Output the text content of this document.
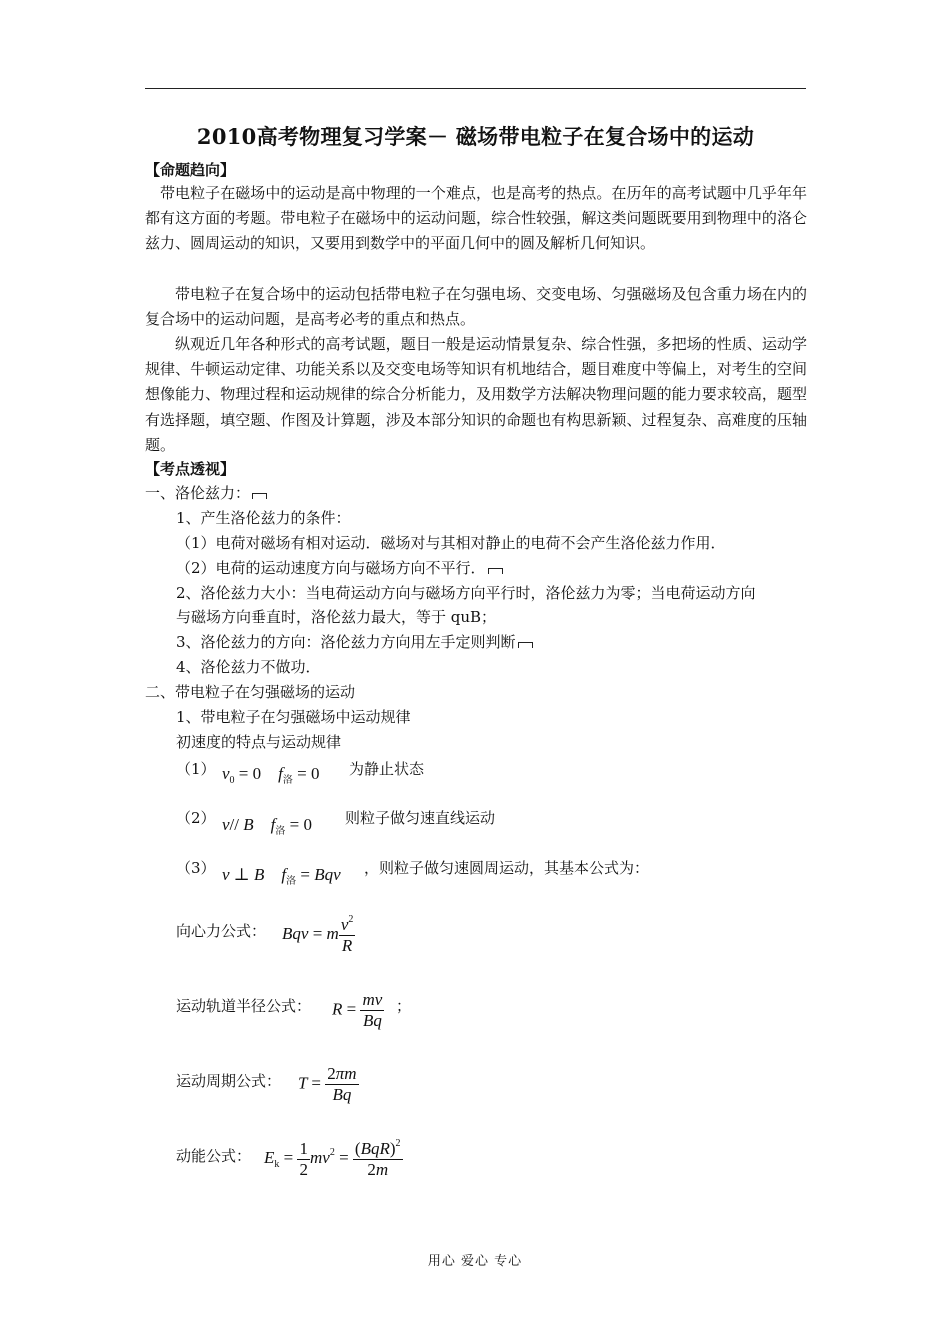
2010高考物理复习学案－ 磁场带电粒子在复合场中的运动
【命题趋向】
带电粒子在磁场中的运动是高中物理的一个难点，也是高考的热点。在历年的高考试题中几乎年年都有这方面的考题。带电粒子在磁场中的运动问题，综合性较强，解这类问题既要用到物理中的洛仑兹力、圆周运动的知识，又要用到数学中的平面几何中的圆及解析几何知识。
带电粒子在复合场中的运动包括带电粒子在匀强电场、交变电场、匀强磁场及包含重力场在内的复合场中的运动问题，是高考必考的重点和热点。
纵观近几年各种形式的高考试题，题目一般是运动情景复杂、综合性强，多把场的性质、运动学规律、牛顿运动定律、功能关系以及交变电场等知识有机地结合，题目难度中等偏上，对考生的空间想像能力、物理过程和运动规律的综合分析能力，及用数学方法解决物理问题的能力要求较高，题型有选择题，填空题、作图及计算题，涉及本部分知识的命题也有构思新颖、过程复杂、高难度的压轴题。
【考点透视】
一、洛伦兹力：
1、产生洛伦兹力的条件：
（1）电荷对磁场有相对运动．磁场对与其相对静止的电荷不会产生洛伦兹力作用．
（2）电荷的运动速度方向与磁场方向不平行．
2、洛伦兹力大小：当电荷运动方向与磁场方向平行时，洛伦兹力为零；当电荷运动方向
与磁场方向垂直时，洛伦兹力最大，等于 quB；
3、洛伦兹力的方向：洛伦兹力方向用左手定则判断
4、洛伦兹力不做功．
二、带电粒子在匀强磁场的运动
1、带电粒子在匀强磁场中运动规律
初速度的特点与运动规律
（1） $v_0 = 0$    $f_洛 = 0$ 为静止状态
（2） v// B    $f_洛 = 0$ 则粒子做匀速直线运动
（3） v ⊥ B    $f_洛$ = Bqv ，则粒子做匀速圆周运动，其基本公式为：
向心力公式： Bqv = m $\frac{v^2}{R}$
运动轨道半径公式： $R = \frac{mv}{Bq}$ ；
运动周期公式： $T = \frac{2\pi m}{Bq}$
动能公式： $E_k = \frac{1}{2} mv^2 = \frac{(BqR)^2}{2m}$
用心 爱心 专心
